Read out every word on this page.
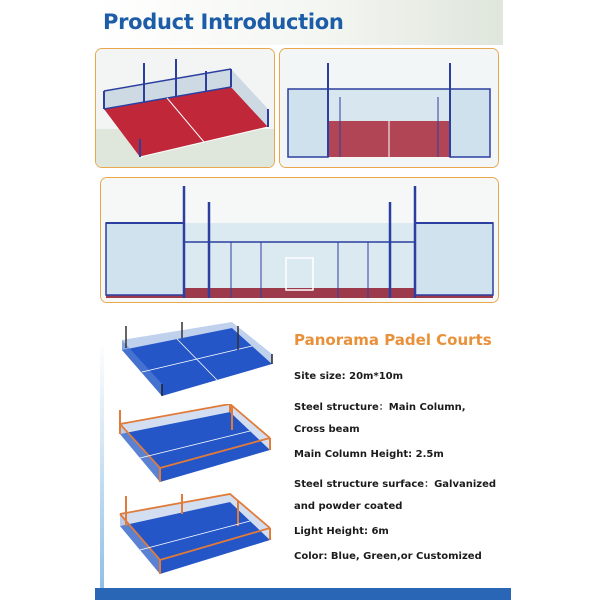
Product Introduction
Panorama Padel Courts

Site size: 20m*10m

Steel structure：Main Column,

Cross beam

Main Column Height: 2.5m

Steel structure surface：Galvanized

and powder coated

Light Height: 6m

Color: Blue, Green,or Customized
